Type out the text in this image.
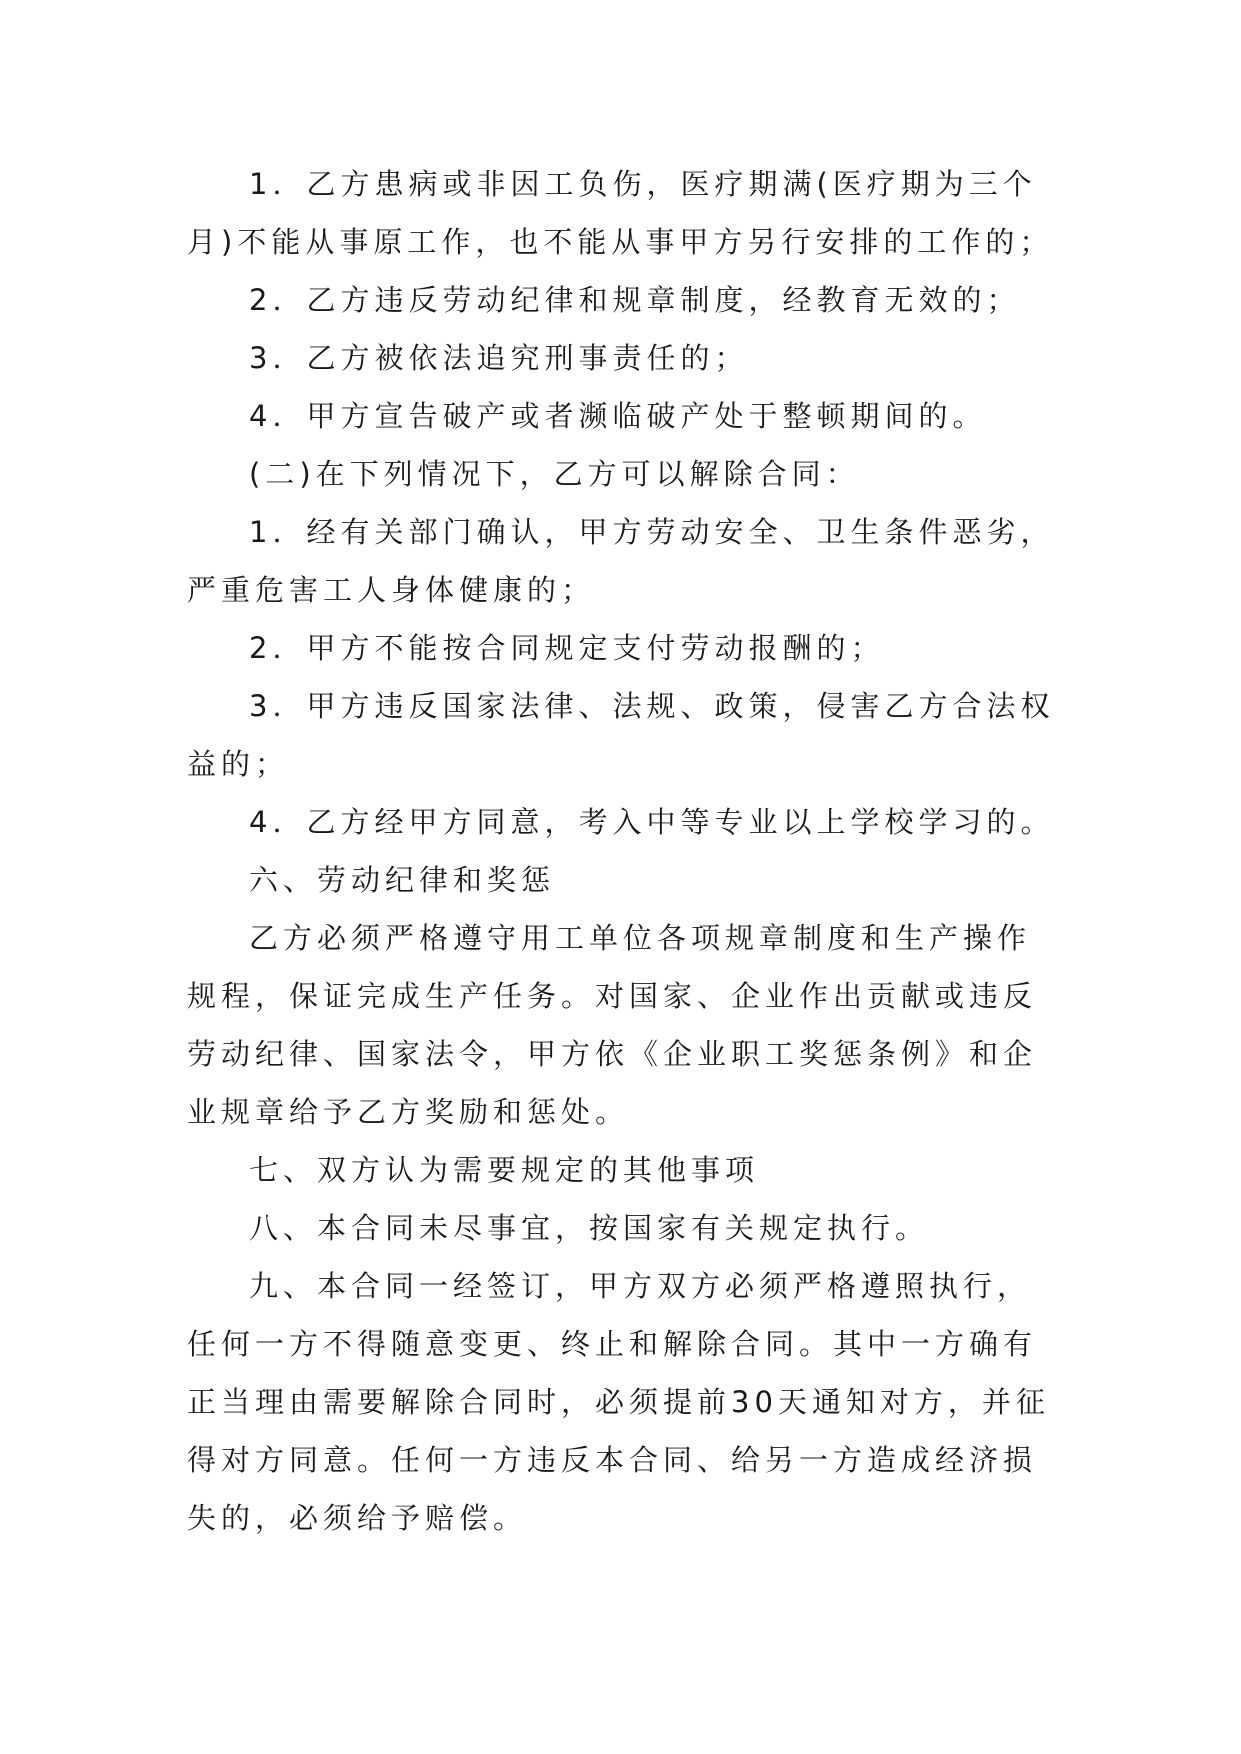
1．乙方患病或非因工负伤，医疗期满(医疗期为三个月)不能从事原工作，也不能从事甲方另行安排的工作的；

2．乙方违反劳动纪律和规章制度，经教育无效的；

3．乙方被依法追究刑事责任的；

4．甲方宣告破产或者濒临破产处于整顿期间的。

(二)在下列情况下，乙方可以解除合同：

1．经有关部门确认，甲方劳动安全、卫生条件恶劣，严重危害工人身体健康的；

2．甲方不能按合同规定支付劳动报酬的；

3．甲方违反国家法律、法规、政策，侵害乙方合法权益的；

4．乙方经甲方同意，考入中等专业以上学校学习的。

六、劳动纪律和奖惩

乙方必须严格遵守用工单位各项规章制度和生产操作规程，保证完成生产任务。对国家、企业作出贡献或违反劳动纪律、国家法令，甲方依《企业职工奖惩条例》和企业规章给予乙方奖励和惩处。

七、双方认为需要规定的其他事项

八、本合同未尽事宜，按国家有关规定执行。

九、本合同一经签订，甲方双方必须严格遵照执行，任何一方不得随意变更、终止和解除合同。其中一方确有正当理由需要解除合同时，必须提前30天通知对方，并征得对方同意。任何一方违反本合同、给另一方造成经济损失的，必须给予赔偿。
